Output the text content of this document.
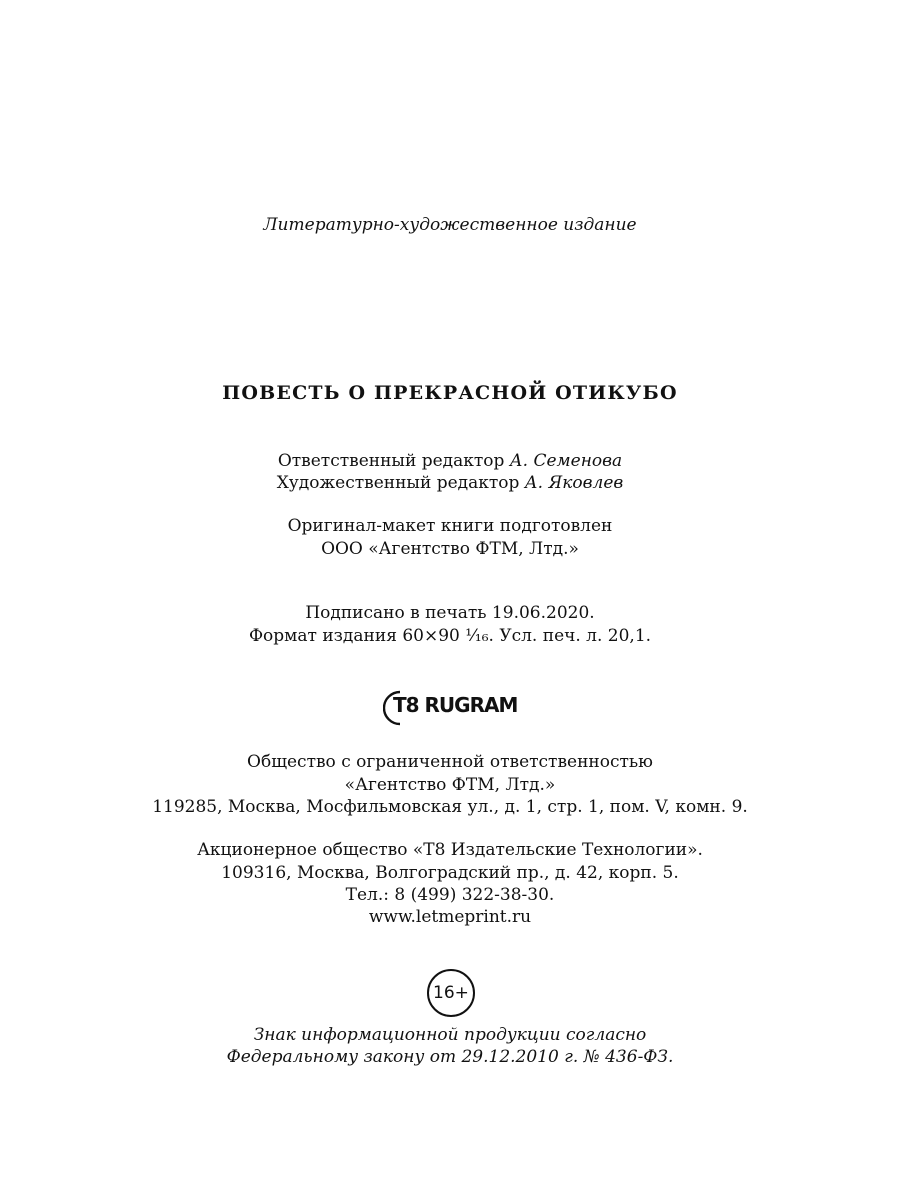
Литературно-художественное издание
ПОВЕСТЬ О ПРЕКРАСНОЙ ОТИКУБО
Ответственный редактор А. Семенова
Художественный редактор А. Яковлев
Оригинал-макет книги подготовлен
ООО «Агентство ФТМ, Лтд.»
Подписано в печать 19.06.2020.
Формат издания 60×90 ¹⁄₁₆. Усл. печ. л. 20,1.
T8 RUGRAM
Общество с ограниченной ответственностью
«Агентство ФТМ, Лтд.»
119285, Москва, Мосфильмовская ул., д. 1, стр. 1, пом. V, комн. 9.
Акционерное общество «Т8 Издательские Технологии».
109316, Москва, Волгоградский пр., д. 42, корп. 5.
Тел.: 8 (499) 322-38-30.
www.letmeprint.ru
16+
Знак информационной продукции согласно
Федеральному закону от 29.12.2010 г. № 436-ФЗ.
